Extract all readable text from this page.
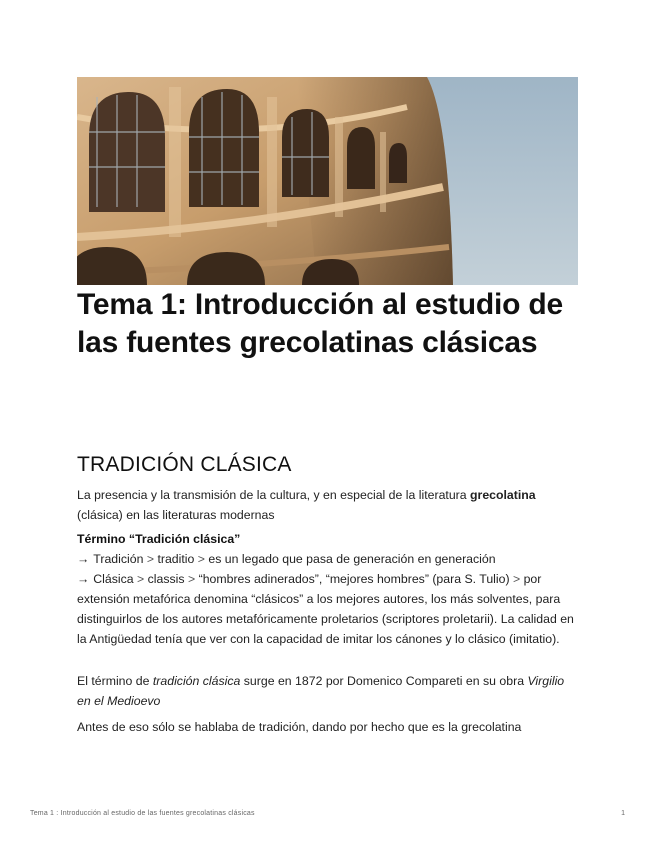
Tema 1: Introducción al estudio de las fuentes grecolatinas clásicas
TRADICIÓN CLÁSICA

La presencia y la transmisión de la cultura, y en especial de la literatura grecolatina (clásica) en las literaturas modernas

Término “Tradición clásica”

→ Tradición > traditio > es un legado que pasa de generación en generación

→ Clásica > classis > “hombres adinerados”, “mejores hombres” (para S. Tulio) > por extensión metafórica denomina “clásicos” a los mejores autores, los más solventes, para distinguirlos de los autores metafóricamente proletarios (scriptores proletarii). La calidad en la Antigüedad tenía que ver con la capacidad de imitar los cánones y lo clásico (imitatio).

El término de tradición clásica surge en 1872 por Domenico Compareti en su obra Virgilio en el Medioevo

Antes de eso sólo se hablaba de tradición, dando por hecho que es la grecolatina

Tema 1 : Introducción al estudio de las fuentes grecolatinas clásicas	1
